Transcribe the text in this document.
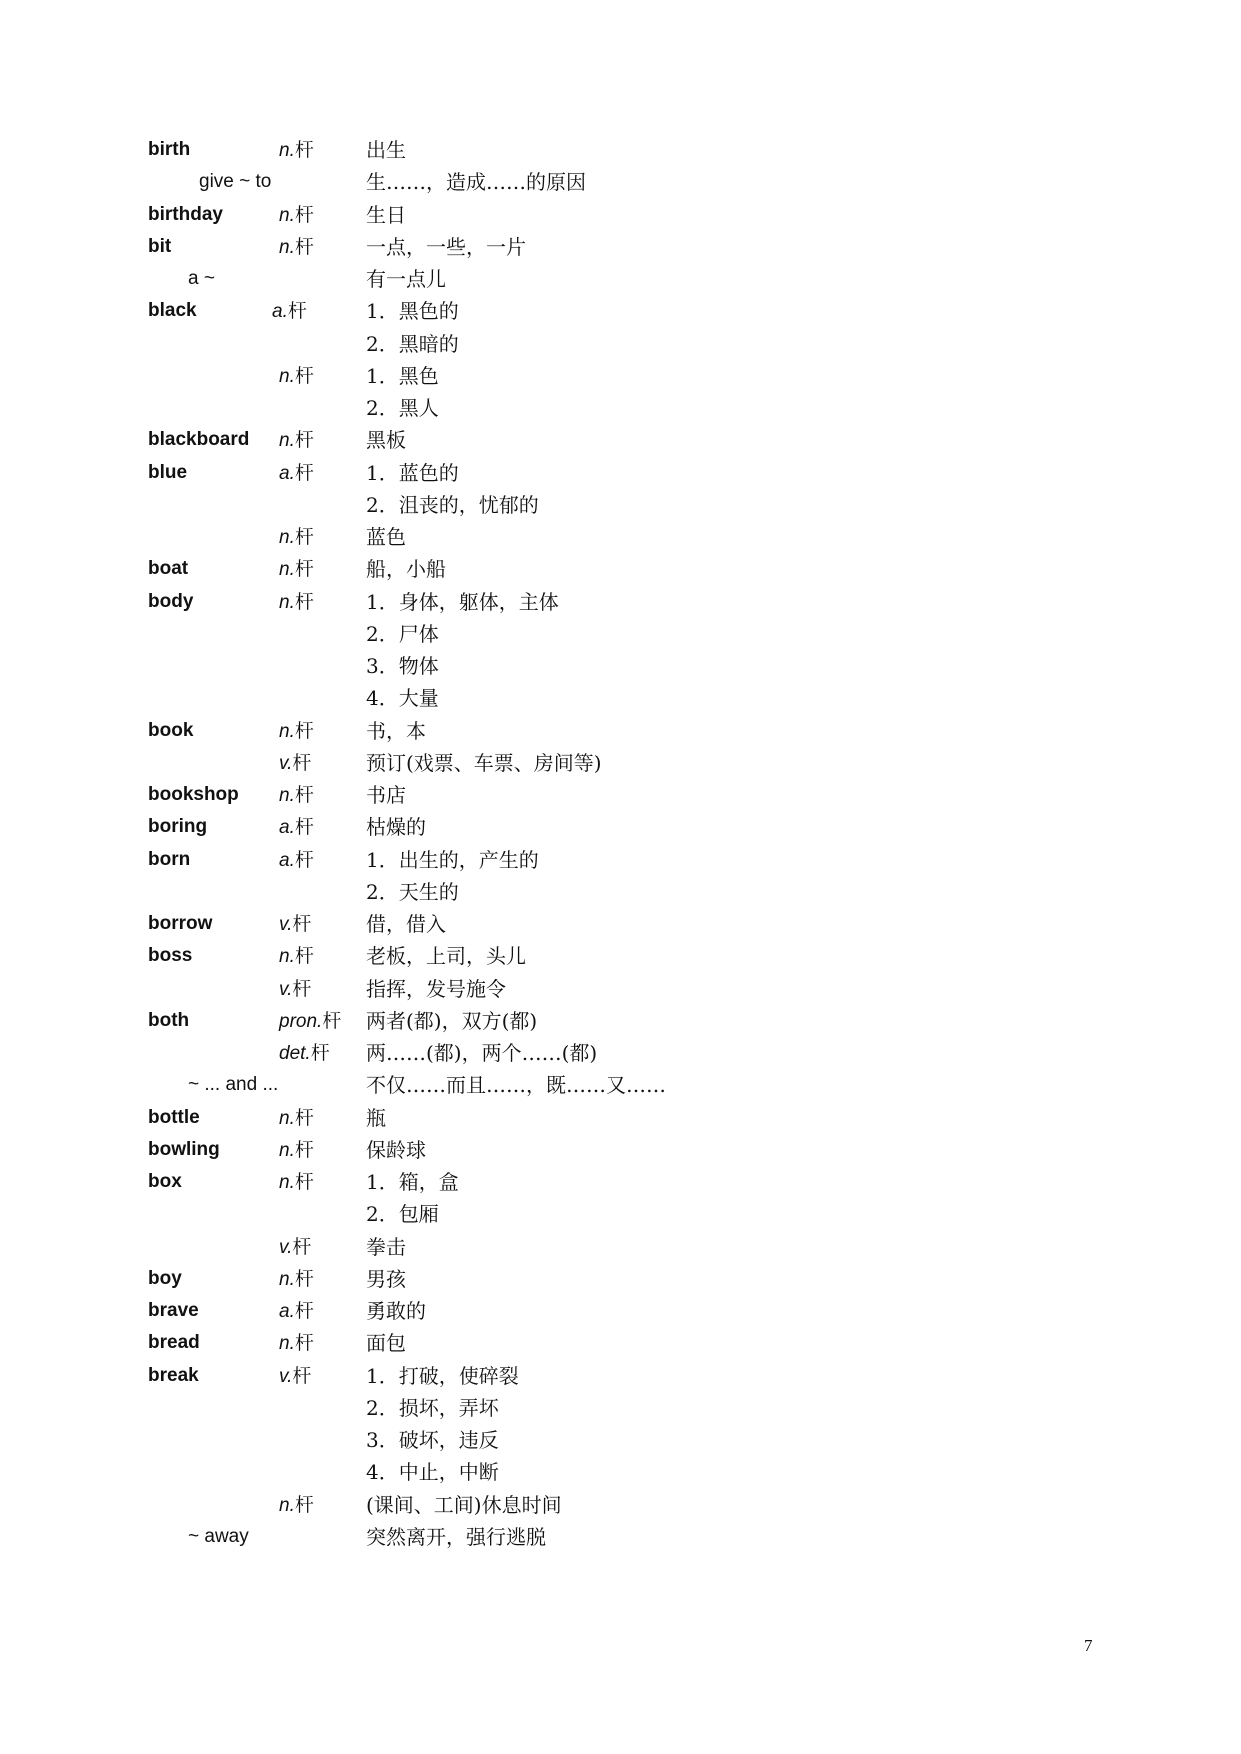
birth	n.杆	出生
give ~ to	生……，造成……的原因
birthday	n.杆	生日
bit	n.杆	一点，一些，一片
a ~	有一点儿
black	a.杆	1．黑色的
2．黑暗的
n.杆	1．黑色
2．黑人
blackboard n.杆	黑板
blue	a.杆	1．蓝色的
2．沮丧的，忧郁的
n.杆	蓝色
boat	n.杆	船，小船
body	n.杆	1．身体，躯体，主体
2．尸体
3．物体
4．大量
book	n.杆	书，本
v.杆	预订(戏票、车票、房间等)
bookshop n.杆	书店
boring	a.杆	枯燥的
born	a.杆	1．出生的，产生的
2．天生的
borrow	v.杆	借，借入
boss	n.杆	老板，上司，头儿
v.杆	指挥，发号施令
both	pron.杆 两者(都)，双方(都)
det.杆 两……(都)，两个……(都)
~ ... and ...	不仅……而且……，既……又……
bottle	n.杆	瓶
bowling	n.杆	保龄球
box	n.杆	1．箱，盒
2．包厢
v.杆	拳击
boy	n.杆	男孩
brave	a.杆	勇敢的
bread	n.杆	面包
break	v.杆	1．打破，使碎裂
2．损坏，弄坏
3．破坏，违反
4．中止，中断
n.杆	(课间、工间)休息时间
~ away	突然离开，强行逃脱
7
